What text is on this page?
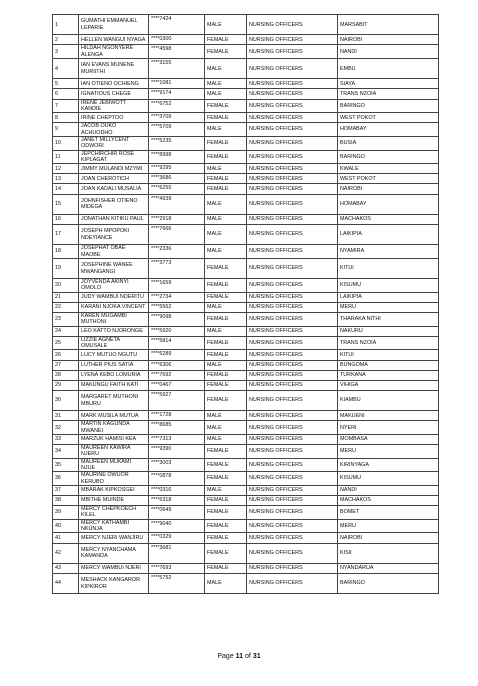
1	GUMATHI EMMANUEL LEPARIE	****7424	MALE	NURSING OFFICERS	MARSABIT
2	HELLEN WANGUI NYAGA	****0300	FEMALE	NURSING OFFICERS	NAIROBI
3	HILDAH NGONYERE ALENGA	****4598	FEMALE	NURSING OFFICERS	NANDI
4	IAN EVANS MUNENE MURIITHI	****3155	MALE	NURSING OFFICERS	EMBU
5	IAN OTIENO OCHIENG	****1081	MALE	NURSING OFFICERS	SIAYA
6	IGNATIOUS CHEGE	****9174	MALE	NURSING OFFICERS	TRANS NZOIA
7	IRENE JEBIWOTT KANDIE	****6752	FEMALE	NURSING OFFICERS	BARINGO
8	IRINE CHEPTOO	****3709	FEMALE	NURSING OFFICERS	WEST POKOT
9	JACOB OUKO ACHUODHO	****5709	MALE	NURSING OFFICERS	HOMABAY
10	JANET MILLYCENT ODWORI	****5235	FEMALE	NURSING OFFICERS	BUSIA
11	JEPCHIRCHIR ROSE KIPLAGAT	****8998	FEMALE	NURSING OFFICERS	BARINGO
12	JIMMY MULANDI MZYMI	****9295	MALE	NURSING OFFICERS	KWALE
13	JOAN CHEROTICH	****3686	FEMALE	NURSING OFFICERS	WEST POKOT
14	JOAN KADALI MUSALIA	****6255	FEMALE	NURSING OFFICERS	NAIROBI
15	JOHNFISHER OTIENO MIDEGA	****4939	MALE	NURSING OFFICERS	HOMABAY
16	JONATHAN KITIKU PAUL	****2918	MALE	NURSING OFFICERS	MACHAKOS
17	JOSEPH MPOPOKI NDEYIANCE	****7666	MALE	NURSING OFFICERS	LAIKIPIA
18	JOSEPHAT OBAE MAOBE	****2336	MALE	NURSING OFFICERS	NYAMIRA
19	JOSEPHINE WANEE MWANGANGI	****3773	FEMALE	NURSING OFFICERS	KITUI
20	JOYVENDA AKINYI OMOLO	****1659	FEMALE	NURSING OFFICERS	KISUMU
21	JUDY WAMBUI NDERITU	****2734	FEMALE	NURSING OFFICERS	LAIKIPIA
22	KARANI NJOKA VINCENT	****5562	MALE	NURSING OFFICERS	MERU
23	KAREN MUGAMBI MUTHONI	****9098	FEMALE	NURSING OFFICERS	THARAKA NITHI
24	LEO KATTO NJORONGE	****5920	MALE	NURSING OFFICERS	NAKURU
25	LIZZIE AGNETA OMUSALE	****5814	FEMALE	NURSING OFFICERS	TRANS NZOIA
26	LUCY MUTUO NGUTU	****6289	FEMALE	NURSING OFFICERS	KITUI
27	LUTHER PIUS SATIA	****6306	MALE	NURSING OFFICERS	BUNGOMA
28	LYENA KEBO LOMURIA	****7692	FEMALE	NURSING OFFICERS	TURKANA
29	MAKUNGU FAITH KATI	****0467	FEMALE	NURSING OFFICERS	VIHIGA
30	MARGARET MUTHONI MBURU	****5927	FEMALE	NURSING OFFICERS	KIAMBU
31	MARK MUSILA MUTUA	****1728	MALE	NURSING OFFICERS	MAKUENI
32	MARTIN KAGUNDA MWANEI	****8685	MALE	NURSING OFFICERS	NYERI
33	MARZUK HAMISI KEA	****7313	MALE	NURSING OFFICERS	MOMBASA
34	MAUREEN KAWIRA NJERU	****9390	FEMALE	NURSING OFFICERS	MERU
35	MAUREEN MUKAMI NJUE	****3003	FEMALE	NURSING OFFICERS	KIRINYAGA
36	MAURINE OWUOR KERUBO	****0878	FEMALE	NURSING OFFICERS	KISUMU
37	MBARAK KIPKOSGEI	****0316	MALE	NURSING OFFICERS	NANDI
38	MBITHE MUINDE	****6318	FEMALE	NURSING OFFICERS	MACHAKOS
39	MERCY CHEPKOECH KILEL	****0649	FEMALE	NURSING OFFICERS	BOMET
40	MERCY KATHAMBI NKUNJA	****9040	FEMALE	NURSING OFFICERS	MERU
41	MERCY NJERI WANJIRU	****0329	FEMALE	NURSING OFFICERS	NAIROBI
42	MERCY NYANCHAMA KAMANDA	****3681	FEMALE	NURSING OFFICERS	KISII
43	MERCY WAMBUI NJERI	****7693	FEMALE	NURSING OFFICERS	NYANDARUA
44	MESHACK KANGAROR KIPKIROR	****5752	MALE	NURSING OFFICERS	BARINGO
Page 11 of 31
